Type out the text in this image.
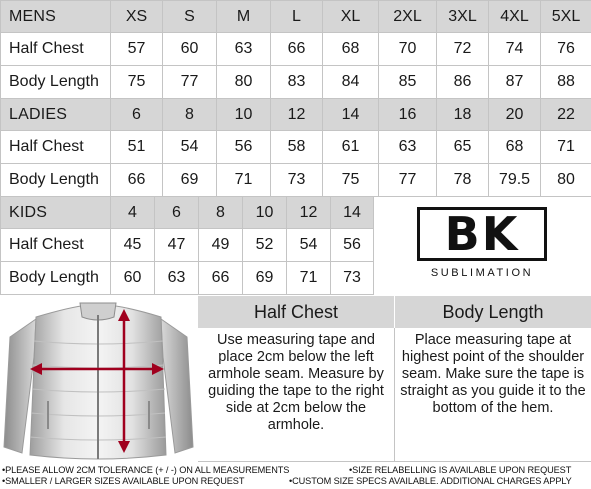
MENS	XS	S	M	L	XL	2XL	3XL	4XL	5XL
Half Chest	57	60	63	66	68	70	72	74	76
Body Length	75	77	80	83	84	85	86	87	88
LADIES	6	8	10	12	14	16	18	20	22
Half Chest	51	54	56	58	61	63	65	68	71
Body Length	66	69	71	73	75	77	78	79.5	80
KIDS	4	6	8	10	12	14
Half Chest	45	47	49	52	54	56
Body Length	60	63	66	69	71	73
BK
SUBLIMATION
Half Chest	Body Length
Use measuring tape and place 2cm below the left armhole seam. Measure by guiding the tape to the right side at 2cm below the armhole.
Place measuring tape at highest point of the shoulder seam. Make sure the tape is straight as you guide it to the bottom of the hem.
•PLEASE ALLOW 2CM TOLERANCE (+ / -) ON ALL MEASUREMENTS	•SIZE RELABELLING IS AVAILABLE UPON REQUEST
•SMALLER / LARGER SIZES AVAILABLE UPON REQUEST	•CUSTOM SIZE SPECS AVAILABLE. ADDITIONAL CHARGES APPLY
